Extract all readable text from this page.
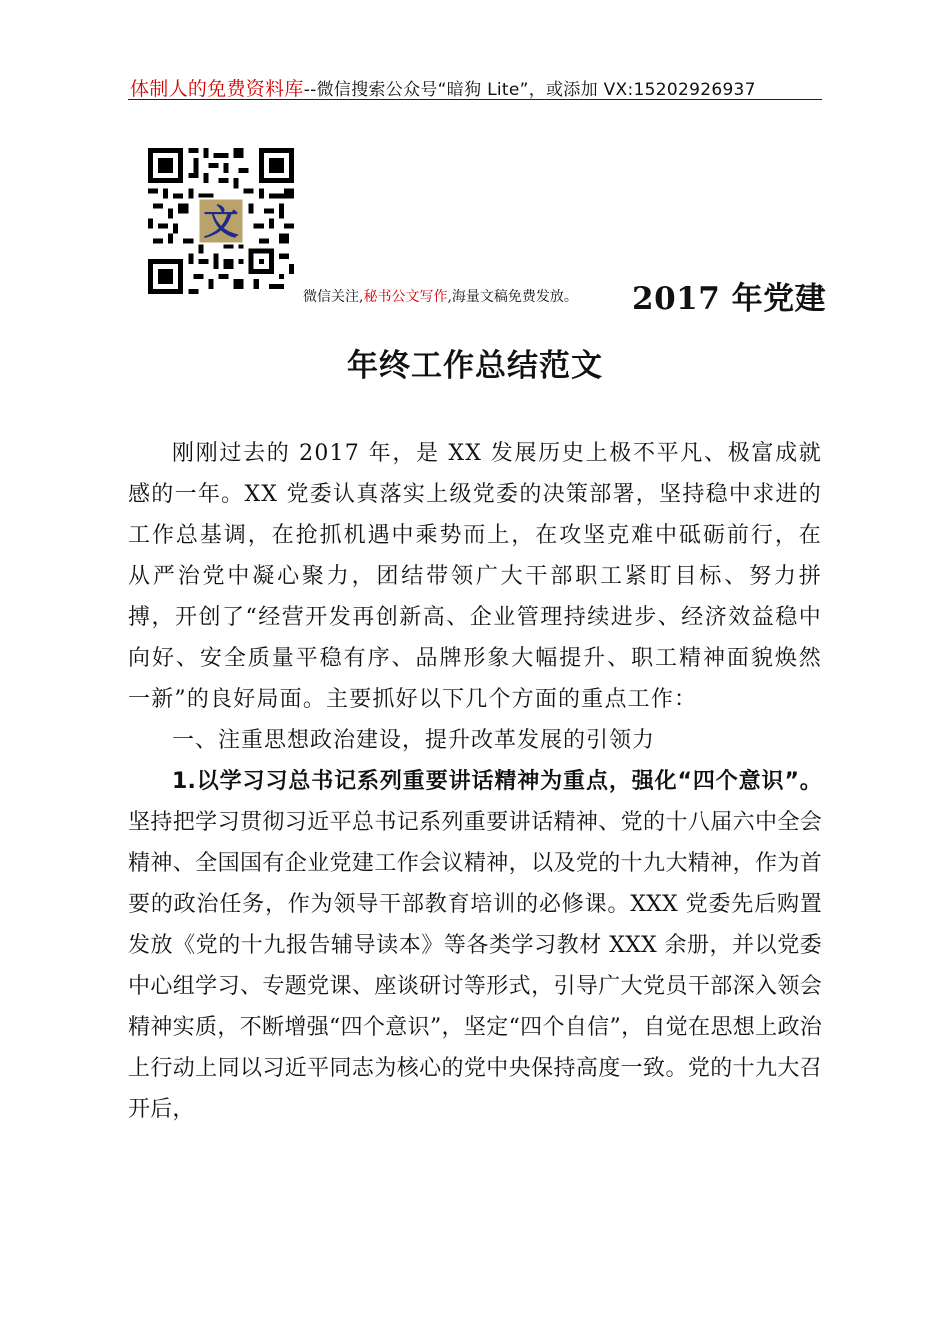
体制人的免费资料库--微信搜索公众号“暗狗 Lite”，或添加 VX:15202926937
文
微信关注,秘书公文写作,海量文稿免费发放。 2017 年党建
年终工作总结范文

刚刚过去的 2017 年，是 XX 发展历史上极不平凡、极富成就感的一年。XX 党委认真落实上级党委的决策部署，坚持稳中求进的工作总基调，在抢抓机遇中乘势而上，在攻坚克难中砥砺前行，在从严治党中凝心聚力，团结带领广大干部职工紧盯目标、努力拼搏，开创了“经营开发再创新高、企业管理持续进步、经济效益稳中向好、安全质量平稳有序、品牌形象大幅提升、职工精神面貌焕然一新”的良好局面。主要抓好以下几个方面的重点工作：

一、注重思想政治建设，提升改革发展的引领力

1.以学习习总书记系列重要讲话精神为重点，强化“四个意识”。坚持把学习贯彻习近平总书记系列重要讲话精神、党的十八届六中全会精神、全国国有企业党建工作会议精神，以及党的十九大精神，作为首要的政治任务，作为领导干部教育培训的必修课。XXX 党委先后购置发放《党的十九报告辅导读本》等各类学习教材 XXX 余册，并以党委中心组学习、专题党课、座谈研讨等形式，引导广大党员干部深入领会精神实质，不断增强“四个意识”，坚定“四个自信”，自觉在思想上政治上行动上同以习近平同志为核心的党中央保持高度一致。党的十九大召开后，
